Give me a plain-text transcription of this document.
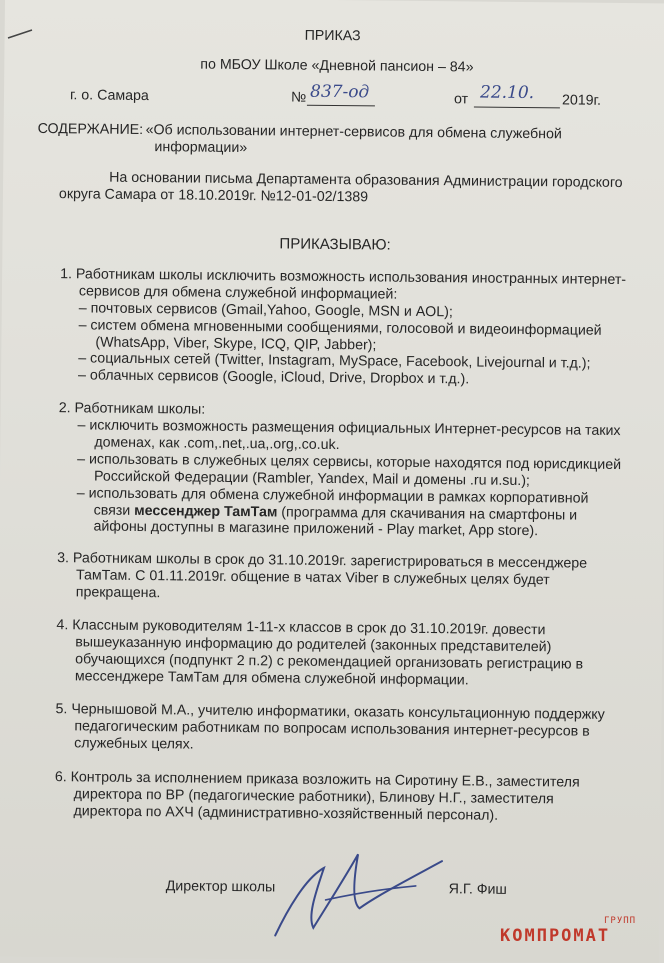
ПРИКАЗ
по МБОУ Школе «Дневной пансион – 84»
г. о. Самара	№ 837-од	от 22.10. 2019г.
СОДЕРЖАНИЕ: «Об использовании интернет-сервисов для обмена служебной
информации»
На основании письма Департамента образования Администрации городского
округа Самара от 18.10.2019г. №12-01-02/1389
ПРИКАЗЫВАЮ:
1. Работникам школы исключить возможность использования иностранных интернет-
сервисов для обмена служебной информацией:
– почтовых сервисов (Gmail,Yahoo, Google, MSN и AOL);
– систем обмена мгновенными сообщениями, голосовой и видеоинформацией
(WhatsApp, Viber, Skype, ICQ, QIP, Jabber);
– социальных сетей (Twitter, Instagram, MySpace, Facebook, Livejournal и т.д.);
– облачных сервисов (Google, iCloud, Drive, Dropbox и т.д.).
2. Работникам школы:
– исключить возможность размещения официальных Интернет-ресурсов на таких
доменах, как .com,.net,.ua,.org,.co.uk.
– использовать в служебных целях сервисы, которые находятся под юрисдикцией
Российской Федерации (Rambler, Yandex, Mail и домены .ru и.su.);
– использовать для обмена служебной информации в рамках корпоративной
связи мессенджер ТамТам (программа для скачивания на смартфоны и
айфоны доступны в магазине приложений - Play market, App store).
3. Работникам школы в срок до 31.10.2019г. зарегистрироваться в мессенджере
ТамТам. С 01.11.2019г. общение в чатах Viber в служебных целях будет
прекращена.
4. Классным руководителям 1-11-х классов в срок до 31.10.2019г. довести
вышеуказанную информацию до родителей (законных представителей)
обучающихся (подпункт 2 п.2) с рекомендацией организовать регистрацию в
мессенджере ТамТам для обмена служебной информации.
5. Чернышовой М.А., учителю информатики, оказать консультационную поддержку
педагогическим работникам по вопросам использования интернет-ресурсов в
служебных целях.
6. Контроль за исполнением приказа возложить на Сиротину Е.В., заместителя
директора по ВР (педагогические работники), Блинову Н.Г., заместителя
директора по АХЧ (административно-хозяйственный персонал).
Директор школы	Я.Г. Фиш
ГРУПП
КОМПРОМАТ
